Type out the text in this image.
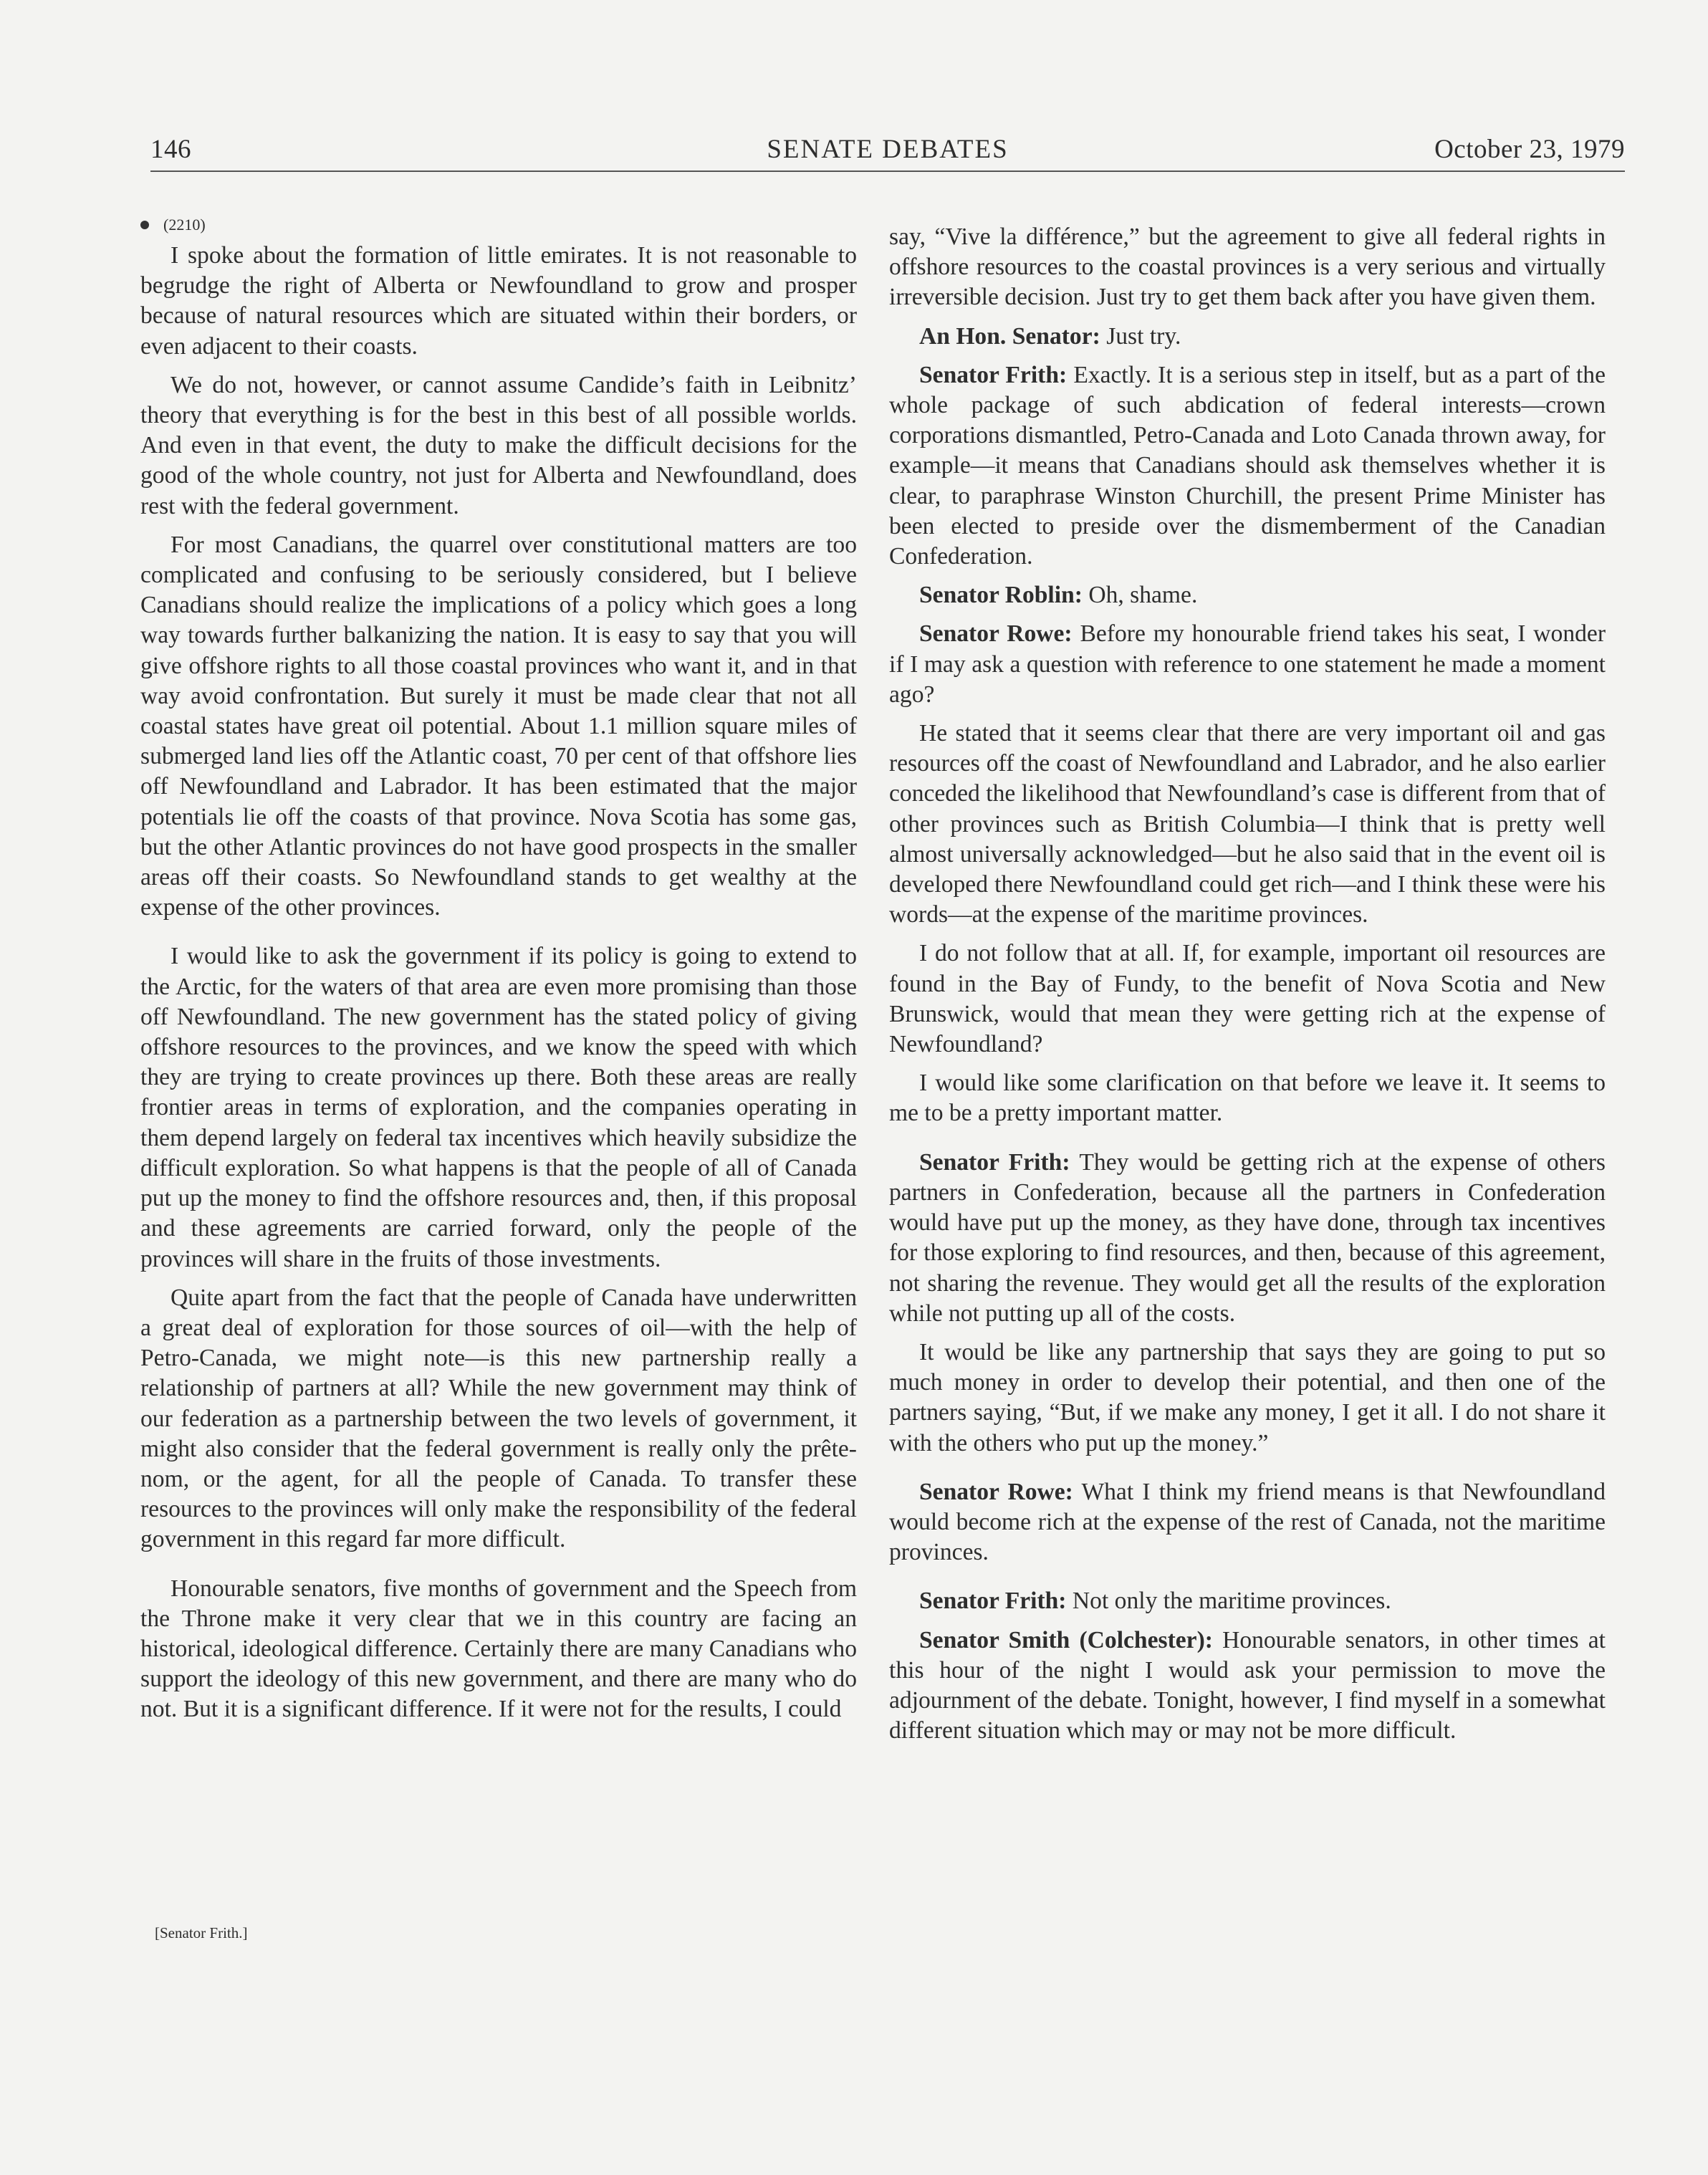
146	SENATE DEBATES	October 23, 1979
(2210)

I spoke about the formation of little emirates. It is not reasonable to begrudge the right of Alberta or Newfoundland to grow and prosper because of natural resources which are situated within their borders, or even adjacent to their coasts.

We do not, however, or cannot assume Candide’s faith in Leibnitz’ theory that everything is for the best in this best of all possible worlds. And even in that event, the duty to make the difficult decisions for the good of the whole country, not just for Alberta and Newfoundland, does rest with the federal government.

For most Canadians, the quarrel over constitutional matters are too complicated and confusing to be seriously considered, but I believe Canadians should realize the implications of a policy which goes a long way towards further balkanizing the nation. It is easy to say that you will give offshore rights to all those coastal provinces who want it, and in that way avoid confrontation. But surely it must be made clear that not all coastal states have great oil potential. About 1.1 million square miles of submerged land lies off the Atlantic coast, 70 per cent of that offshore lies off Newfoundland and Labrador. It has been estimated that the major potentials lie off the coasts of that province. Nova Scotia has some gas, but the other Atlantic provinces do not have good prospects in the smaller areas off their coasts. So Newfoundland stands to get wealthy at the expense of the other provinces.

I would like to ask the government if its policy is going to extend to the Arctic, for the waters of that area are even more promising than those off Newfoundland. The new government has the stated policy of giving offshore resources to the provinces, and we know the speed with which they are trying to create provinces up there. Both these areas are really frontier areas in terms of exploration, and the companies operating in them depend largely on federal tax incentives which heavily subsidize the difficult exploration. So what happens is that the people of all of Canada put up the money to find the offshore resources and, then, if this proposal and these agreements are carried forward, only the people of the provinces will share in the fruits of those investments.

Quite apart from the fact that the people of Canada have underwritten a great deal of exploration for those sources of oil—with the help of Petro-Canada, we might note—is this new partnership really a relationship of partners at all? While the new government may think of our federation as a partnership between the two levels of government, it might also consider that the federal government is really only the prête-nom, or the agent, for all the people of Canada. To transfer these resources to the provinces will only make the responsibility of the federal government in this regard far more difficult.

Honourable senators, five months of government and the Speech from the Throne make it very clear that we in this country are facing an historical, ideological difference. Certainly there are many Canadians who support the ideology of this new government, and there are many who do not. But it is a significant difference. If it were not for the results, I could

[Senator Frith.]

say, “Vive la différence,” but the agreement to give all federal rights in offshore resources to the coastal provinces is a very serious and virtually irreversible decision. Just try to get them back after you have given them.

An Hon. Senator: Just try.

Senator Frith: Exactly. It is a serious step in itself, but as a part of the whole package of such abdication of federal interests—crown corporations dismantled, Petro-Canada and Loto Canada thrown away, for example—it means that Canadians should ask themselves whether it is clear, to paraphrase Winston Churchill, the present Prime Minister has been elected to preside over the dismemberment of the Canadian Confederation.

Senator Roblin: Oh, shame.

Senator Rowe: Before my honourable friend takes his seat, I wonder if I may ask a question with reference to one statement he made a moment ago?

He stated that it seems clear that there are very important oil and gas resources off the coast of Newfoundland and Labrador, and he also earlier conceded the likelihood that Newfoundland’s case is different from that of other provinces such as British Columbia—I think that is pretty well almost universally acknowledged—but he also said that in the event oil is developed there Newfoundland could get rich—and I think these were his words—at the expense of the maritime provinces.

I do not follow that at all. If, for example, important oil resources are found in the Bay of Fundy, to the benefit of Nova Scotia and New Brunswick, would that mean they were getting rich at the expense of Newfoundland?

I would like some clarification on that before we leave it. It seems to me to be a pretty important matter.

Senator Frith: They would be getting rich at the expense of others partners in Confederation, because all the partners in Confederation would have put up the money, as they have done, through tax incentives for those exploring to find resources, and then, because of this agreement, not sharing the revenue. They would get all the results of the exploration while not putting up all of the costs.

It would be like any partnership that says they are going to put so much money in order to develop their potential, and then one of the partners saying, “But, if we make any money, I get it all. I do not share it with the others who put up the money.”

Senator Rowe: What I think my friend means is that Newfoundland would become rich at the expense of the rest of Canada, not the maritime provinces.

Senator Frith: Not only the maritime provinces.

Senator Smith (Colchester): Honourable senators, in other times at this hour of the night I would ask your permission to move the adjournment of the debate. Tonight, however, I find myself in a somewhat different situation which may or may not be more difficult.
